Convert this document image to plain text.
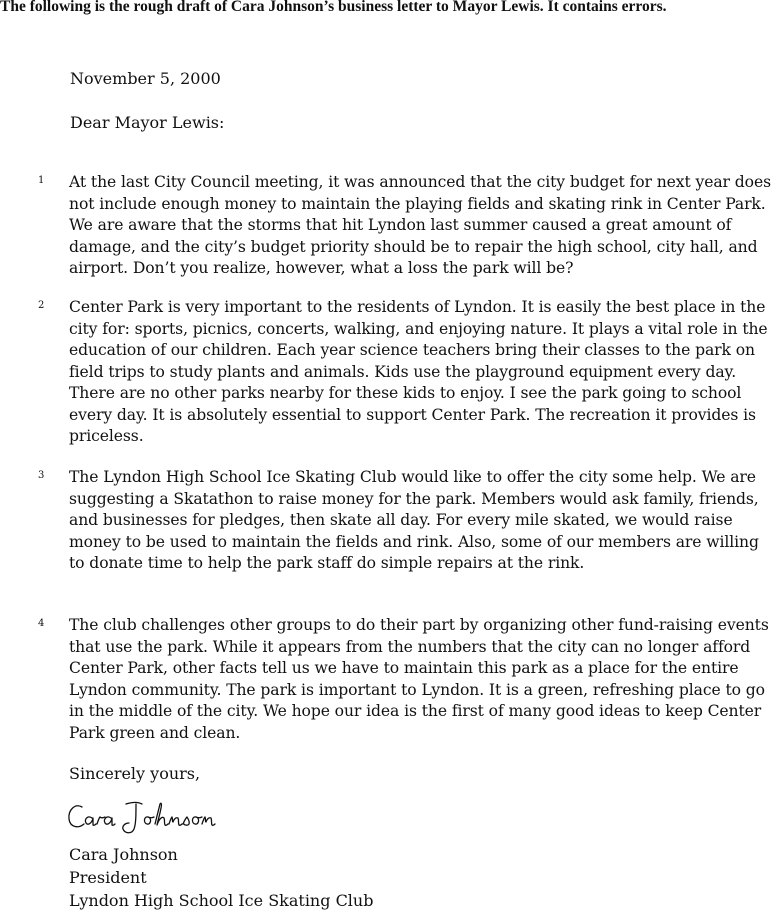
The following is the rough draft of Cara Johnson’s business letter to Mayor Lewis. It contains errors.
November 5, 2000
Dear Mayor Lewis:
1 At the last City Council meeting, it was announced that the city budget for next year does not include enough money to maintain the playing fields and skating rink in Center Park. We are aware that the storms that hit Lyndon last summer caused a great amount of damage, and the city’s budget priority should be to repair the high school, city hall, and airport. Don’t you realize, however, what a loss the park will be?
2 Center Park is very important to the residents of Lyndon. It is easily the best place in the city for: sports, picnics, concerts, walking, and enjoying nature. It plays a vital role in the education of our children. Each year science teachers bring their classes to the park on field trips to study plants and animals. Kids use the playground equipment every day. There are no other parks nearby for these kids to enjoy. I see the park going to school every day. It is absolutely essential to support Center Park. The recreation it provides is priceless.
3 The Lyndon High School Ice Skating Club would like to offer the city some help. We are suggesting a Skatathon to raise money for the park. Members would ask family, friends, and businesses for pledges, then skate all day. For every mile skated, we would raise money to be used to maintain the fields and rink. Also, some of our members are willing to donate time to help the park staff do simple repairs at the rink.
4 The club challenges other groups to do their part by organizing other fund-raising events that use the park. While it appears from the numbers that the city can no longer afford Center Park, other facts tell us we have to maintain this park as a place for the entire Lyndon community. The park is important to Lyndon. It is a green, refreshing place to go in the middle of the city. We hope our idea is the first of many good ideas to keep Center Park green and clean.
Sincerely yours,
Cara Johnson
President
Lyndon High School Ice Skating Club
